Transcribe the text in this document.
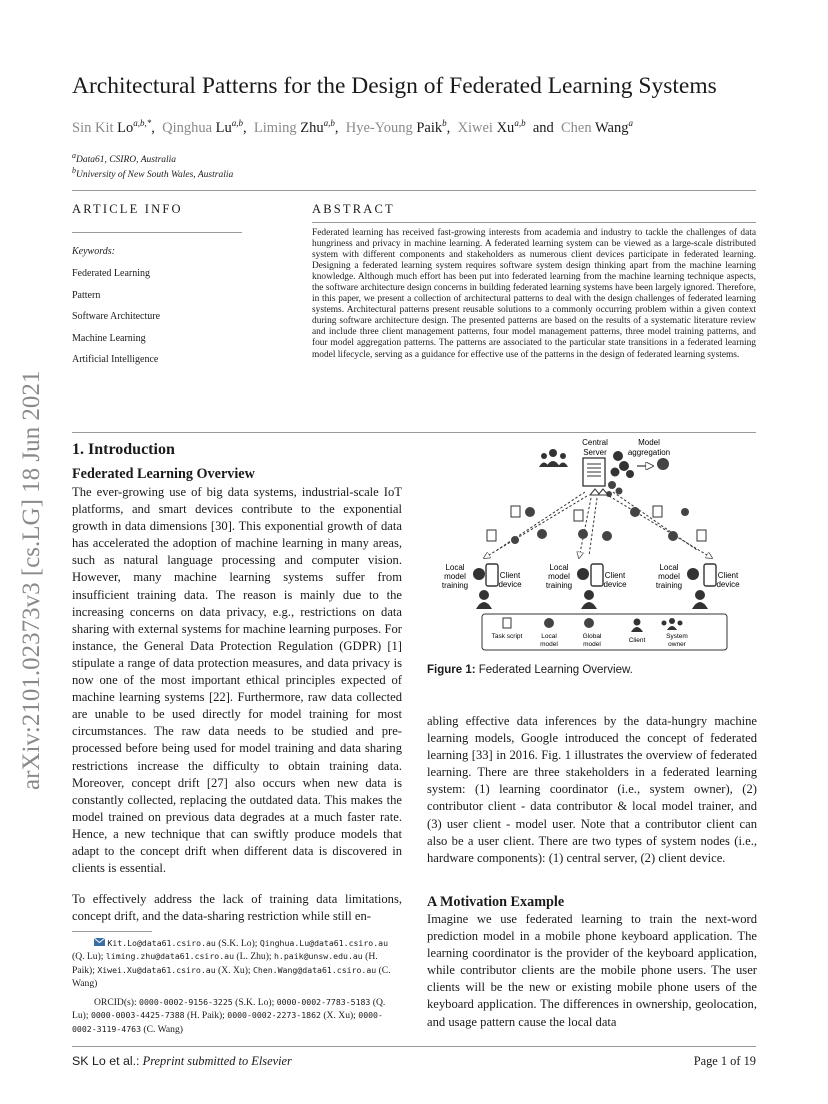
arXiv:2101.02373v3 [cs.LG] 18 Jun 2021
Architectural Patterns for the Design of Federated Learning Systems
Sin Kit $Lo^{a,b,*}$,  Qinghua Lu$^{a,b}$,  Liming Zhu$^{a,b}$,  Hye-Young Paik$^b$,  Xiwei Xu$^{a,b}$ and Chen Wang$^a$
$^a$Data61, CSIRO, Australia
$^b$University of New South Wales, Australia
ARTICLE INFO
Keywords:
Federated Learning
Pattern
Software Architecture
Machine Learning
Artificial Intelligence
ABSTRACT
Federated learning has received fast-growing interests from academia and industry to tackle the challenges of data hungriness and privacy in machine learning. A federated learning system can be viewed as a large-scale distributed system with different components and stakeholders as numerous client devices participate in federated learning. Designing a federated learning system requires software system design thinking apart from the machine learning knowledge. Although much effort has been put into federated learning from the machine learning technique aspects, the software architecture design concerns in building federated learning systems have been largely ignored. Therefore, in this paper, we present a collection of architectural patterns to deal with the design challenges of federated learning systems. Architectural patterns present reusable solutions to a commonly occurring problem within a given context during software architecture design. The presented patterns are based on the results of a systematic literature review and include three client management patterns, four model management patterns, three model training patterns, and four model aggregation patterns. The patterns are associated to the particular state transitions in a federated learning model lifecycle, serving as a guidance for effective use of the patterns in the design of federated learning systems.
1. Introduction
Federated Learning Overview
The ever-growing use of big data systems, industrial-scale IoT platforms, and smart devices contribute to the exponential growth in data dimensions [30]. This exponential growth of data has accelerated the adoption of machine learning in many areas, such as natural language processing and computer vision. However, many machine learning systems suffer from insufficient training data. The reason is mainly due to the increasing concerns on data privacy, e.g., restrictions on data sharing with external systems for machine learning purposes. For instance, the General Data Protection Regulation (GDPR) [1] stipulate a range of data protection measures, and data privacy is now one of the most important ethical principles expected of machine learning systems [22]. Furthermore, raw data collected are unable to be used directly for model training for most circumstances. The raw data needs to be studied and pre-processed before being used for model training and data sharing restrictions increase the difficulty to obtain training data. Moreover, concept drift [27] also occurs when new data is constantly collected, replacing the outdated data. This makes the model trained on previous data degrades at a much faster rate. Hence, a new technique that can swiftly produce models that adapt to the concept drift when different data is discovered in clients is essential.
To effectively address the lack of training data limitations, concept drift, and the data-sharing restriction while still en-
Kit.Lo@data61.csiro.au (S.K. Lo); Qinghua.Lu@data61.csiro.au (Q. Lu); liming.zhu@data61.csiro.au (L. Zhu); h.paik@unsw.edu.au (H. Paik); Xiwei.Xu@data61.csiro.au (X. Xu); Chen.Wang@data61.csiro.au (C. Wang)
ORCID(s): 0000-0002-9156-3225 (S.K. Lo); 0000-0002-7783-5183 (Q. Lu); 0000-0003-4425-7388 (H. Paik); 0000-0002-2273-1862 (X. Xu); 0000-0002-3119-4763 (C. Wang)
Central
Server
Model
aggregation
Local
model
training
Client
device
Local
model
training
Client
device
Local
model
training
Client
device
Task script	Local
model
Global
model
Client
System
owner
Figure 1: Federated Learning Overview.
abling effective data inferences by the data-hungry machine learning models, Google introduced the concept of federated learning [33] in 2016. Fig. 1 illustrates the overview of federated learning. There are three stakeholders in a federated learning system: (1) learning coordinator (i.e., system owner), (2) contributor client - data contributor & local model trainer, and (3) user client - model user. Note that a contributor client can also be a user client. There are two types of system nodes (i.e., hardware components): (1) central server, (2) client device.
A Motivation Example
Imagine we use federated learning to train the next-word prediction model in a mobile phone keyboard application. The learning coordinator is the provider of the keyboard application, while contributor clients are the mobile phone users. The user clients will be the new or existing mobile phone users of the keyboard application. The differences in ownership, geolocation, and usage pattern cause the local data
SK Lo et al.: Preprint submitted to Elsevier	Page 1 of 19
